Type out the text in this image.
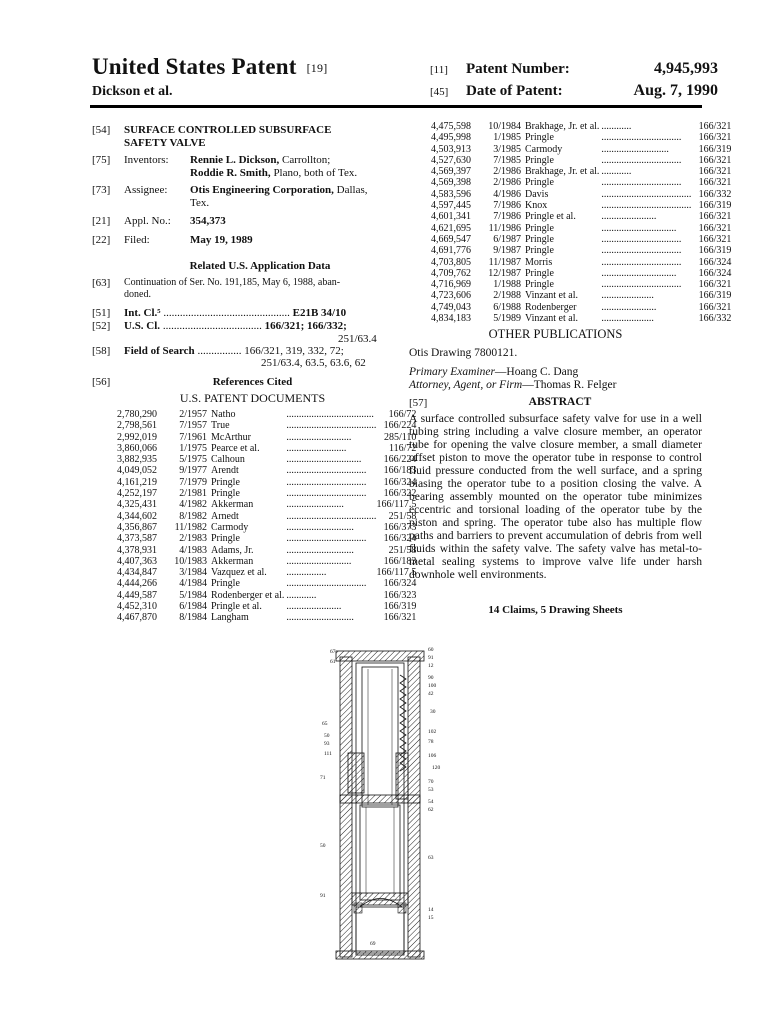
United States Patent [19]
Dickson et al.
[11] Patent Number:	4,945,993
[45] Date of Patent:	Aug. 7, 1990
[54] SURFACE CONTROLLED SUBSURFACE
SAFETY VALVE
[75] Inventors: Rennie L. Dickson, Carrollton;
Roddie R. Smith, Plano, both of Tex.
[73] Assignee: Otis Engineering Corporation, Dallas,
Tex.
[21] Appl. No.: 354,373
[22] Filed:	May 19, 1989
Related U.S. Application Data
[63] Continuation of Ser. No. 191,185, May 6, 1988, aban-
doned.
[51] Int. Cl.⁵ .............................................. E21B 34/10
[52] U.S. Cl. .................................... 166/321; 166/332;
251/63.4
[58] Field of Search ................ 166/321, 319, 332, 72;
251/63.4, 63.5, 63.6, 62
[56]	References Cited
U.S. PATENT DOCUMENTS
2,780,290	2/1957	Natho	...................................	166/72
2,798,561	7/1957	True	....................................	166/224
2,992,019	7/1961	McArthur	..........................	285/110
3,860,066	1/1975	Pearce et al.	........................	116/72
3,882,935	5/1975	Calhoun	..............................	166/224
4,049,052	9/1977	Arendt	................................	166/183
4,161,219	7/1979	Pringle	................................	166/324
4,252,197	2/1981	Pringle	................................	166/322
4,325,431	4/1982	Akkerman	.......................	166/117.5
4,344,602	8/1982	Arnedt	....................................	251/58
4,356,867	11/1982	Carmody	...........................	166/373
4,373,587	2/1983	Pringle	................................	166/324
4,378,931	4/1983	Adams, Jr.	...........................	251/58
4,407,363	10/1983	Akkerman	..........................	166/183
4,434,847	3/1984	Vazquez et al.	................	166/117.5
4,444,266	4/1984	Pringle	................................	166/324
4,449,587	5/1984	Rodenberger et al.	............	166/323
4,452,310	6/1984	Pringle et al.	......................	166/319
4,467,870	8/1984	Langham	...........................	166/321
4,475,598	10/1984	Brakhage, Jr. et al.	............	166/321
4,495,998	1/1985	Pringle	................................	166/321
4,503,913	3/1985	Carmody	...........................	166/319
4,527,630	7/1985	Pringle	................................	166/321
4,569,397	2/1986	Brakhage, Jr. et al.	............	166/321
4,569,398	2/1986	Pringle	................................	166/321
4,583,596	4/1986	Davis	....................................	166/332
4,597,445	7/1986	Knox	....................................	166/319
4,601,341	7/1986	Pringle et al.	......................	166/321
4,621,695	11/1986	Pringle	..............................	166/321
4,669,547	6/1987	Pringle	................................	166/321
4,691,776	9/1987	Pringle	................................	166/319
4,703,805	11/1987	Morris	................................	166/324
4,709,762	12/1987	Pringle	..............................	166/324
4,716,969	1/1988	Pringle	................................	166/321
4,723,606	2/1988	Vinzant et al.	.....................	166/319
4,749,043	6/1988	Rodenberger	......................	166/321
4,834,183	5/1989	Vinzant et al.	.....................	166/332
OTHER PUBLICATIONS
Otis Drawing 7800121.
Primary Examiner—Hoang C. Dang
Attorney, Agent, or Firm—Thomas R. Felger
[57]	ABSTRACT
A surface controlled subsurface safety valve for use in a well tubing string including a valve closure member, an operator tube for opening the valve closure member, a small diameter offset piston to move the operator tube in response to control fluid pressure conducted from the well surface, and a spring biasing the operator tube to a position closing the valve. A bearing assembly mounted on the operator tube minimizes eccentric and torsional loading of the operator tube by the piston and spring. The operator tube also has multiple flow paths and barriers to prevent accumulation of debris from well fluids within the safety valve. The safety valve has metal-to-metal sealing systems to improve valve life under harsh downhole well environments.
14 Claims, 5 Drawing Sheets
67
61
60
91
12
90
100
42
30
65
50
93
111
102
78
106
120
71
70
53
54
62
50
63
69
14
15
91
